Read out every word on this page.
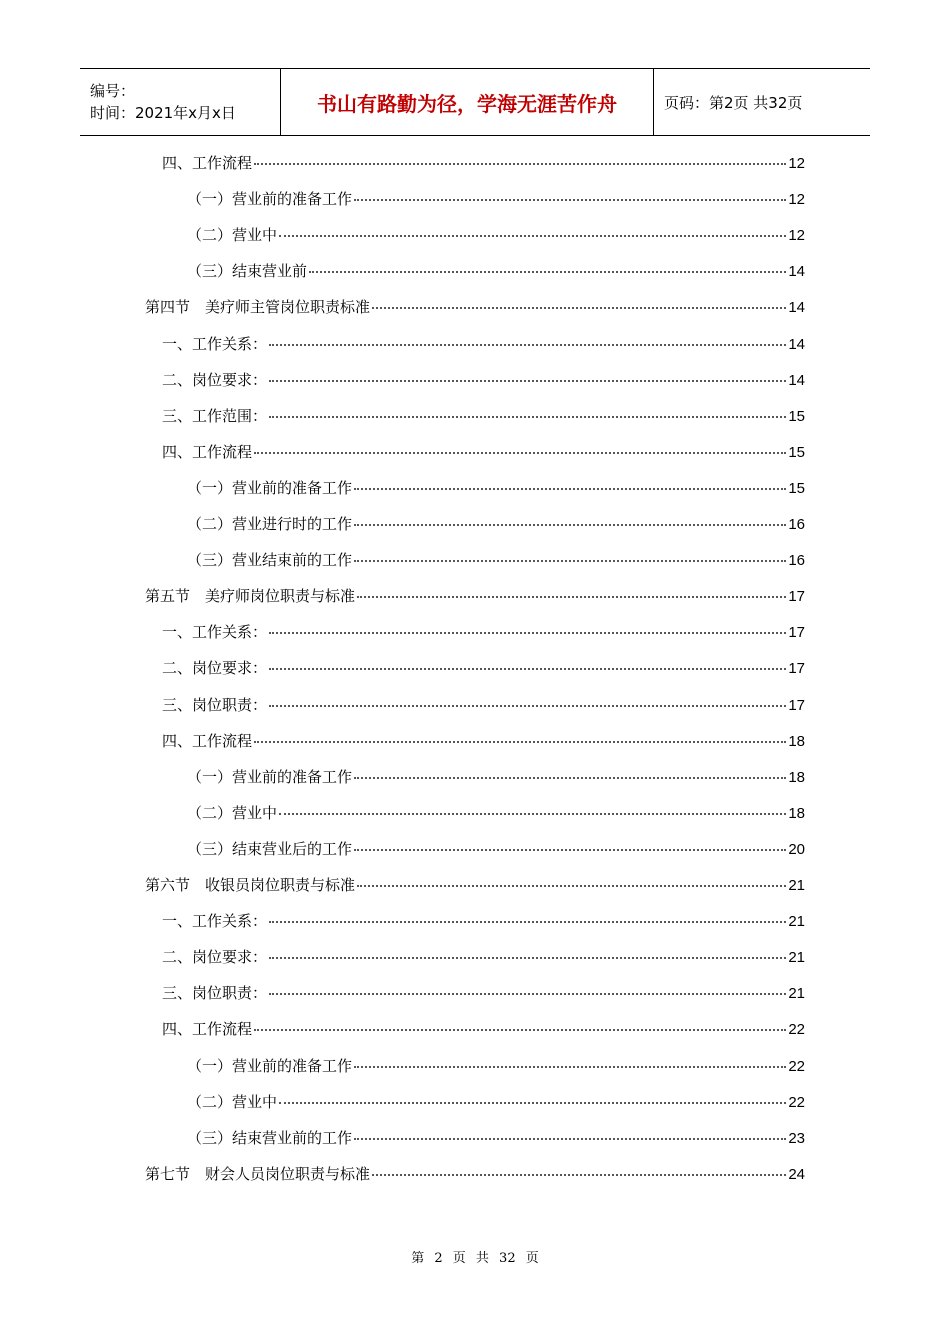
编号：
时间：2021年x月x日	书山有路勤为径，学海无涯苦作舟	页码：第2页 共32页
四、工作流程	12
（一）营业前的准备工作	12
（二）营业中	12
（三）结束营业前	14
第四节　美疗师主管岗位职责标准	14
一、工作关系：	14
二、岗位要求：	14
三、工作范围：	15
四、工作流程	15
（一）营业前的准备工作	15
（二）营业进行时的工作	16
（三）营业结束前的工作	16
第五节　美疗师岗位职责与标准	17
一、工作关系：	17
二、岗位要求：	17
三、岗位职责：	17
四、工作流程	18
（一）营业前的准备工作	18
（二）营业中	18
（三）结束营业后的工作	20
第六节　收银员岗位职责与标准	21
一、工作关系：	21
二、岗位要求：	21
三、岗位职责：	21
四、工作流程	22
（一）营业前的准备工作	22
（二）营业中	22
（三）结束营业前的工作	23
第七节　财会人员岗位职责与标准	24
第 2 页 共 32 页
